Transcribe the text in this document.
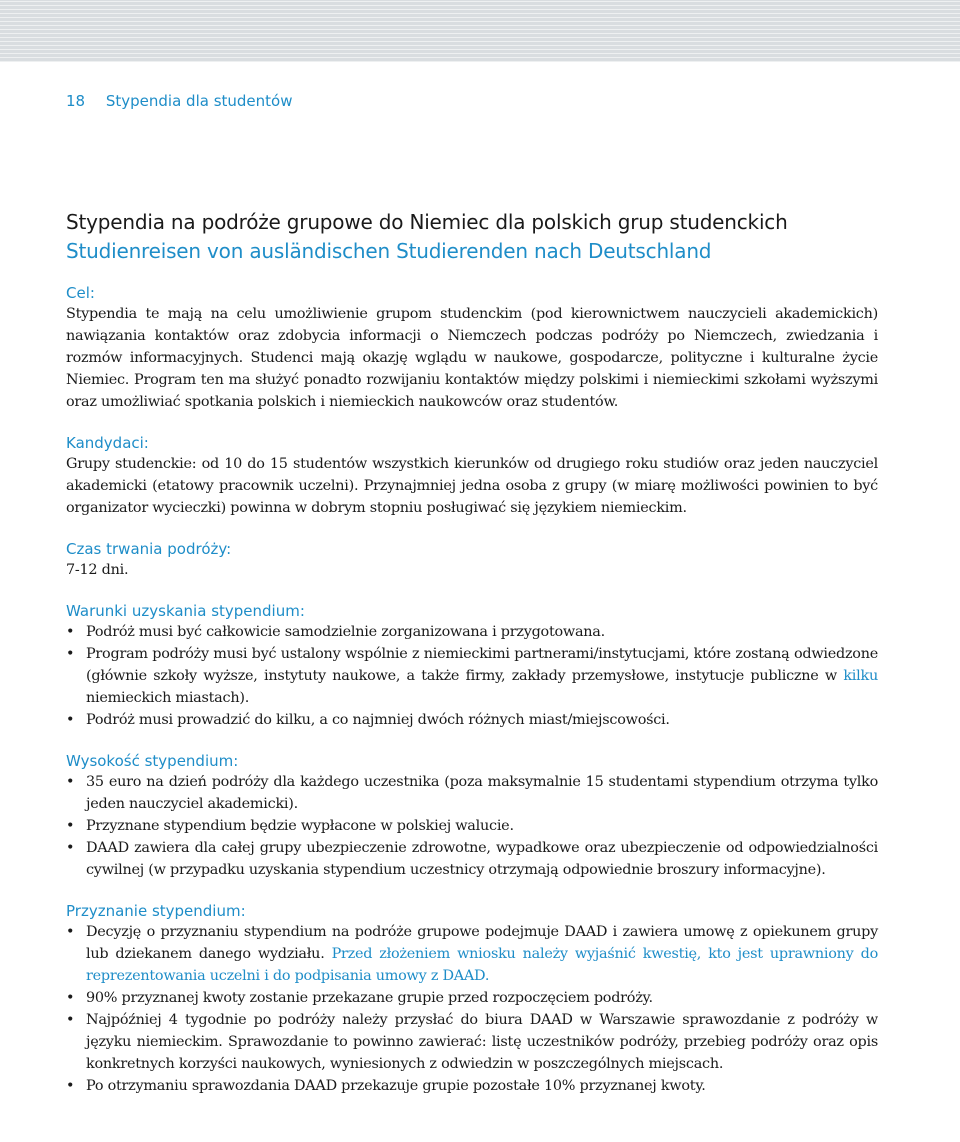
18 Stypendia dla studentów
Stypendia na podróże grupowe do Niemiec dla polskich grup studenckich
Studienreisen von ausländischen Studierenden nach Deutschland
Cel:

Stypendia te mają na celu umożliwienie grupom studenckim (pod kierownictwem nauczycieli akademickich) nawiązania kontaktów oraz zdobycia informacji o Niemczech podczas podróży po Niemczech, zwiedzania i rozmów informacyjnych. Studenci mają okazję wglądu w naukowe, gospodarcze, polityczne i kulturalne życie Niemiec. Program ten ma służyć ponadto rozwijaniu kontaktów między polskimi i niemieckimi szkołami wyższymi oraz umożliwiać spotkania polskich i niemieckich naukowców oraz studentów.

Kandydaci:

Grupy studenckie: od 10 do 15 studentów wszystkich kierunków od drugiego roku studiów oraz jeden nauczyciel akademicki (etatowy pracownik uczelni). Przynajmniej jedna osoba z grupy (w miarę możliwości powinien to być organizator wycieczki) powinna w dobrym stopniu posługiwać się językiem niemieckim.

Czas trwania podróży:

7-12 dni.

Warunki uzyskania stypendium:
• Podróż musi być całkowicie samodzielnie zorganizowana i przygotowana.
• Program podróży musi być ustalony wspólnie z niemieckimi partnerami/instytucjami, które zostaną odwiedzone (głównie szkoły wyższe, instytuty naukowe, a także firmy, zakłady przemysłowe, instytucje publiczne w kilku niemieckich miastach).
• Podróż musi prowadzić do kilku, a co najmniej dwóch różnych miast/miejscowości.
Wysokość stypendium:
• 35 euro na dzień podróży dla każdego uczestnika (poza maksymalnie 15 studentami stypendium otrzyma tylko jeden nauczyciel akademicki).
• Przyznane stypendium będzie wypłacone w polskiej walucie.
• DAAD zawiera dla całej grupy ubezpieczenie zdrowotne, wypadkowe oraz ubezpieczenie od odpowiedzialności cywilnej (w przypadku uzyskania stypendium uczestnicy otrzymają odpowiednie broszury informacyjne).
Przyznanie stypendium:
• Decyzję o przyznaniu stypendium na podróże grupowe podejmuje DAAD i zawiera umowę z opiekunem grupy lub dziekanem danego wydziału. Przed złożeniem wniosku należy wyjaśnić kwestię, kto jest uprawniony do reprezentowania uczelni i do podpisania umowy z DAAD.
• 90% przyznanej kwoty zostanie przekazane grupie przed rozpoczęciem podróży.
• Najpóźniej 4 tygodnie po podróży należy przysłać do biura DAAD w Warszawie sprawozdanie z podróży w języku niemieckim. Sprawozdanie to powinno zawierać: listę uczestników podróży, przebieg podróży oraz opis konkretnych korzyści naukowych, wyniesionych z odwiedzin w poszczególnych miejscach.
• Po otrzymaniu sprawozdania DAAD przekazuje grupie pozostałe 10% przyznanej kwoty.
